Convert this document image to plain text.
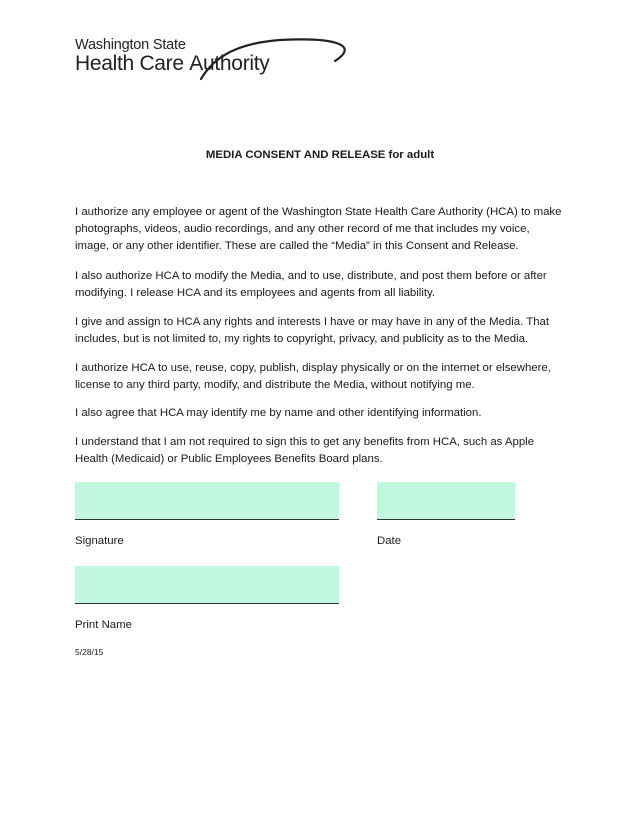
Washington State
Health Care Authority
MEDIA CONSENT AND RELEASE for adult

I authorize any employee or agent of the Washington State Health Care Authority (HCA) to make photographs, videos, audio recordings, and any other record of me that includes my voice, image, or any other identifier. These are called the “Media” in this Consent and Release.

I also authorize HCA to modify the Media, and to use, distribute, and post them before or after modifying. I release HCA and its employees and agents from all liability.

I give and assign to HCA any rights and interests I have or may have in any of the Media. That includes, but is not limited to, my rights to copyright, privacy, and publicity as to the Media.

I authorize HCA to use, reuse, copy, publish, display physically or on the internet or elsewhere, license to any third party, modify, and distribute the Media, without notifying me.

I also agree that HCA may identify me by name and other identifying information.

I understand that I am not required to sign this to get any benefits from HCA, such as Apple Health (Medicaid) or Public Employees Benefits Board plans.

Signature	Date
Print Name
5/28/15
